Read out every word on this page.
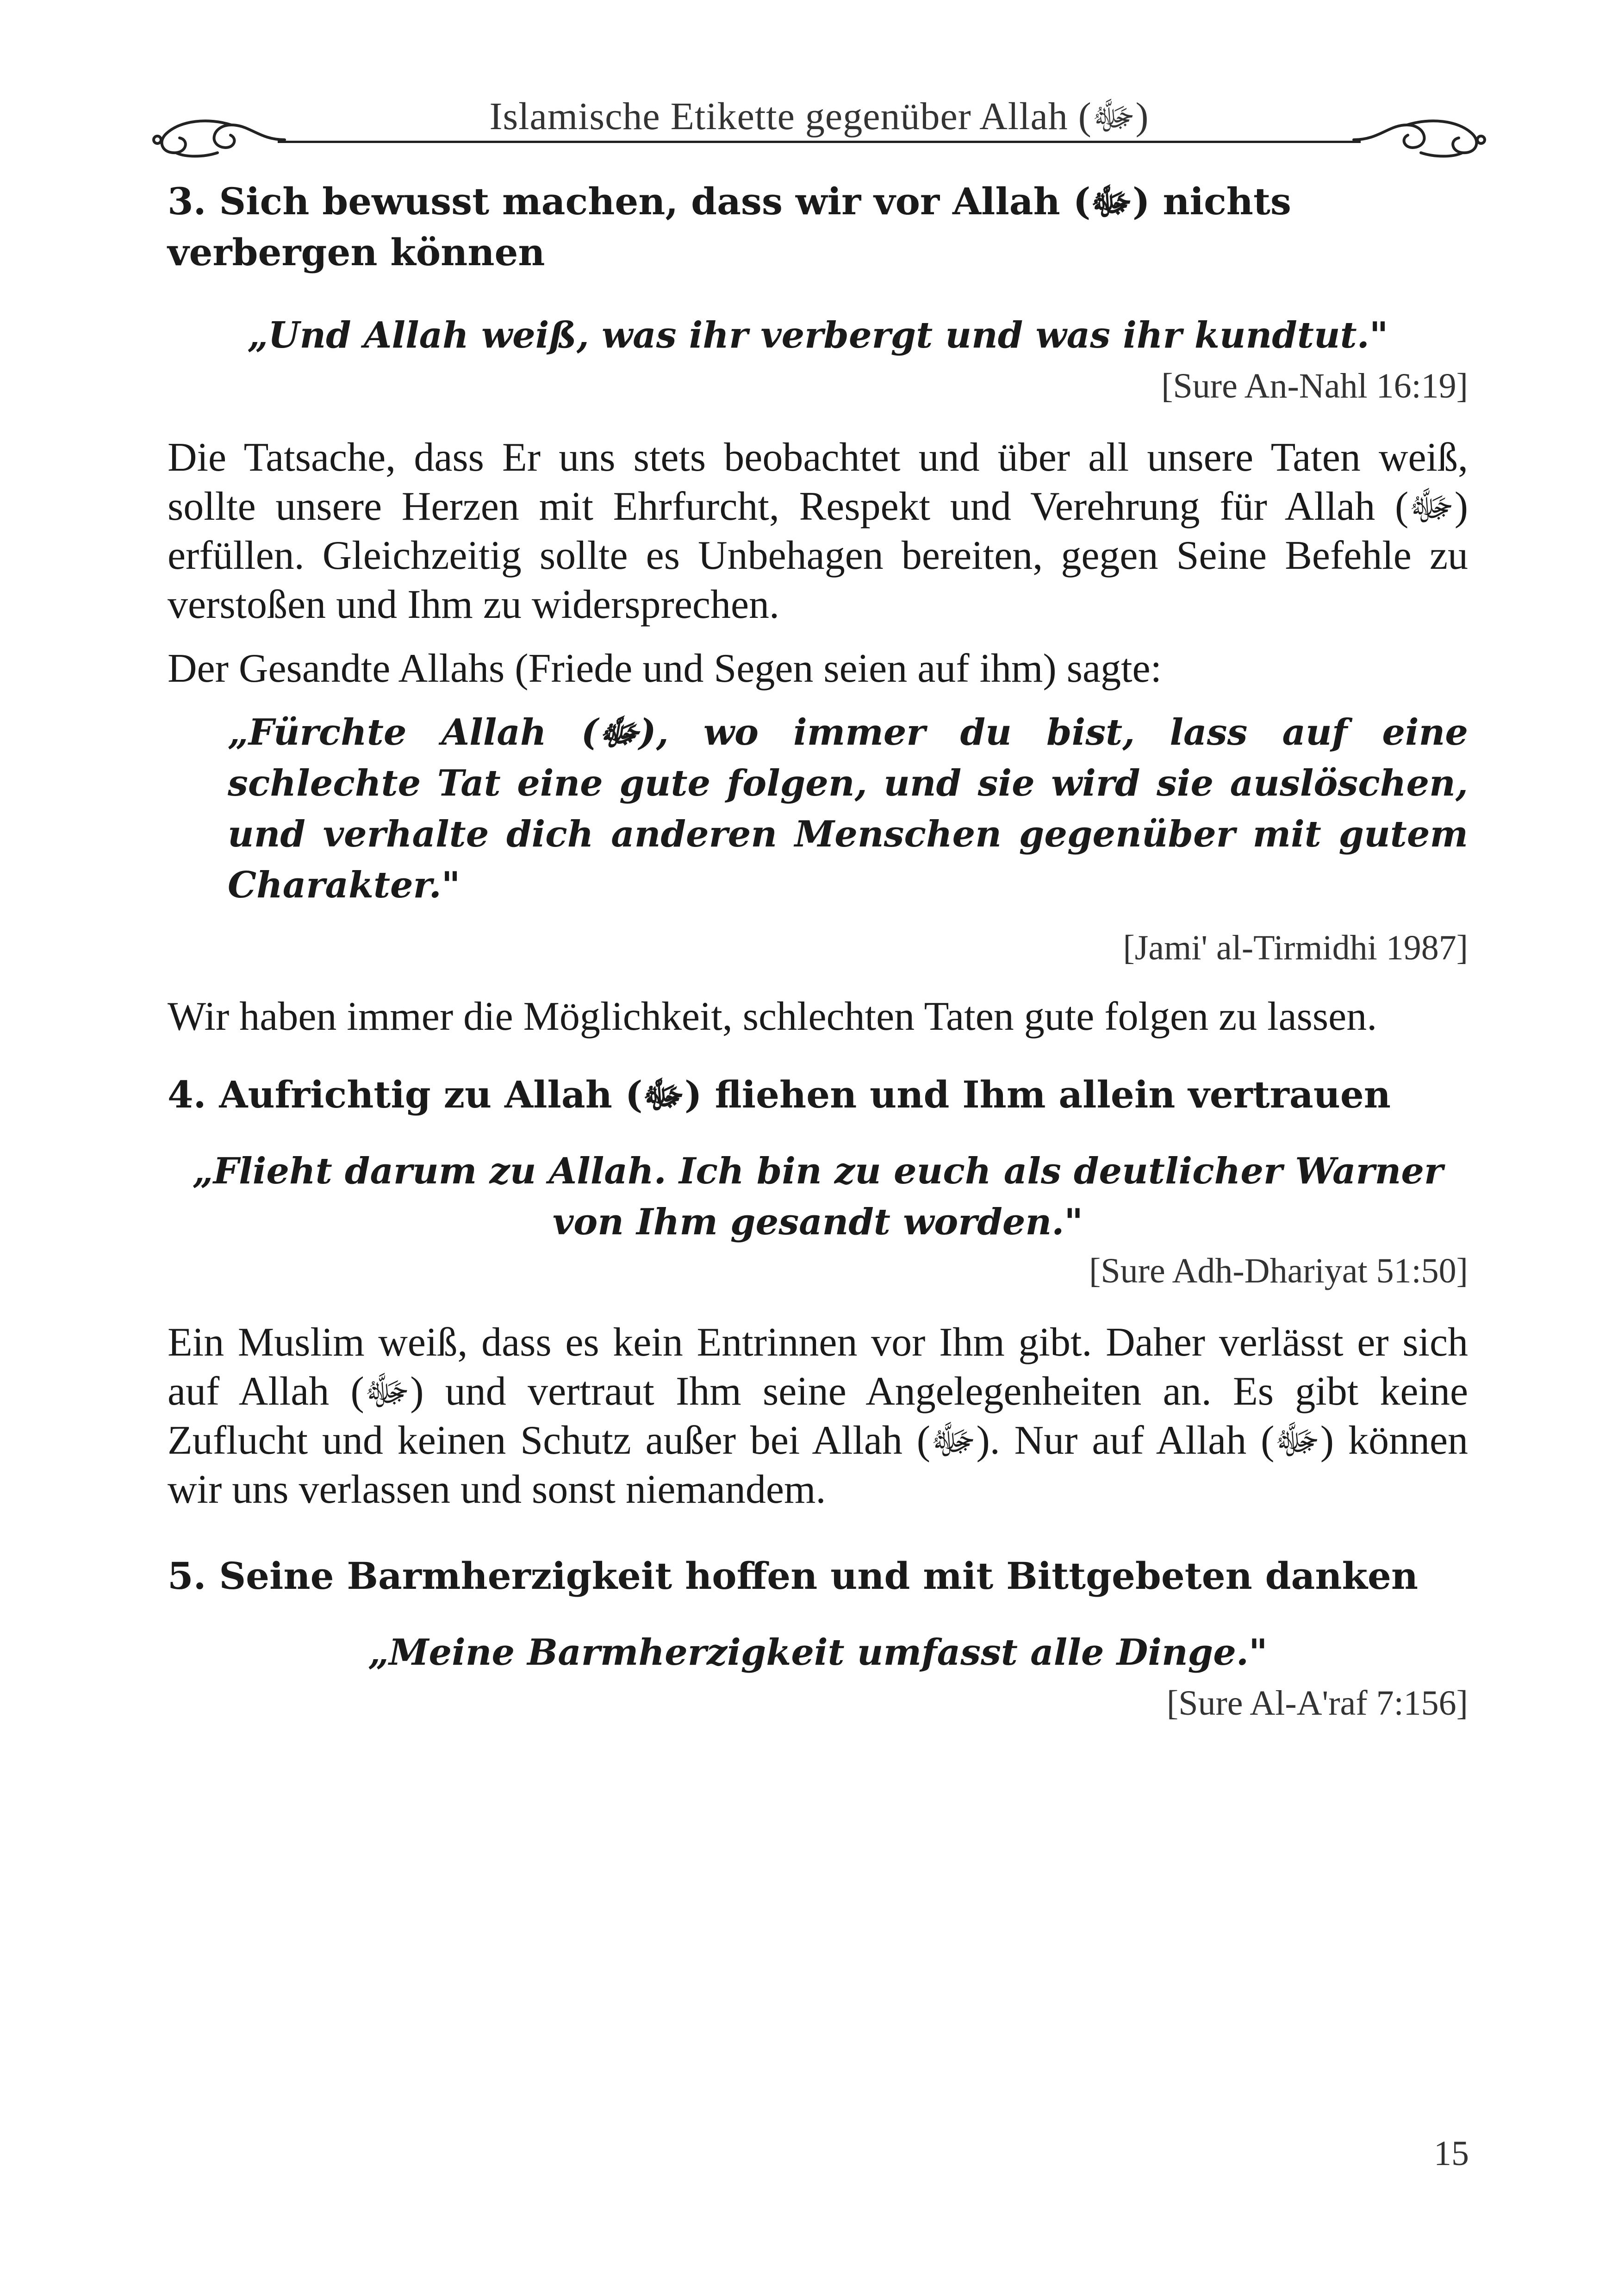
Islamische Etikette gegenüber Allah (ﷻ)
3. Sich bewusst machen, dass wir vor Allah (ﷻ) nichts verbergen können

„Und Allah weiß, was ihr verbergt und was ihr kundtut."

[Sure An-Nahl 16:19]

Die Tatsache, dass Er uns stets beobachtet und über all unsere Taten weiß, sollte unsere Herzen mit Ehrfurcht, Respekt und Verehrung für Allah (ﷻ) erfüllen. Gleichzeitig sollte es Unbehagen bereiten, gegen Seine Befehle zu verstoßen und Ihm zu widersprechen.

Der Gesandte Allahs (Friede und Segen seien auf ihm) sagte:

„Fürchte Allah (ﷻ), wo immer du bist, lass auf eine schlechte Tat eine gute folgen, und sie wird sie auslöschen, und verhalte dich anderen Menschen gegenüber mit gutem Charakter."

[Jami' al-Tirmidhi 1987]

Wir haben immer die Möglichkeit, schlechten Taten gute folgen zu lassen.

4. Aufrichtig zu Allah (ﷻ) fliehen und Ihm allein vertrauen

„Flieht darum zu Allah. Ich bin zu euch als deutlicher Warner

von Ihm gesandt worden."

[Sure Adh-Dhariyat 51:50]

Ein Muslim weiß, dass es kein Entrinnen vor Ihm gibt. Daher verlässt er sich auf Allah (ﷻ) und vertraut Ihm seine Angelegenheiten an. Es gibt keine Zuflucht und keinen Schutz außer bei Allah (ﷻ). Nur auf Allah (ﷻ) können wir uns verlassen und sonst niemandem.

5. Seine Barmherzigkeit hoffen und mit Bittgebeten danken

„Meine Barmherzigkeit umfasst alle Dinge."

[Sure Al-A'raf 7:156]

15
